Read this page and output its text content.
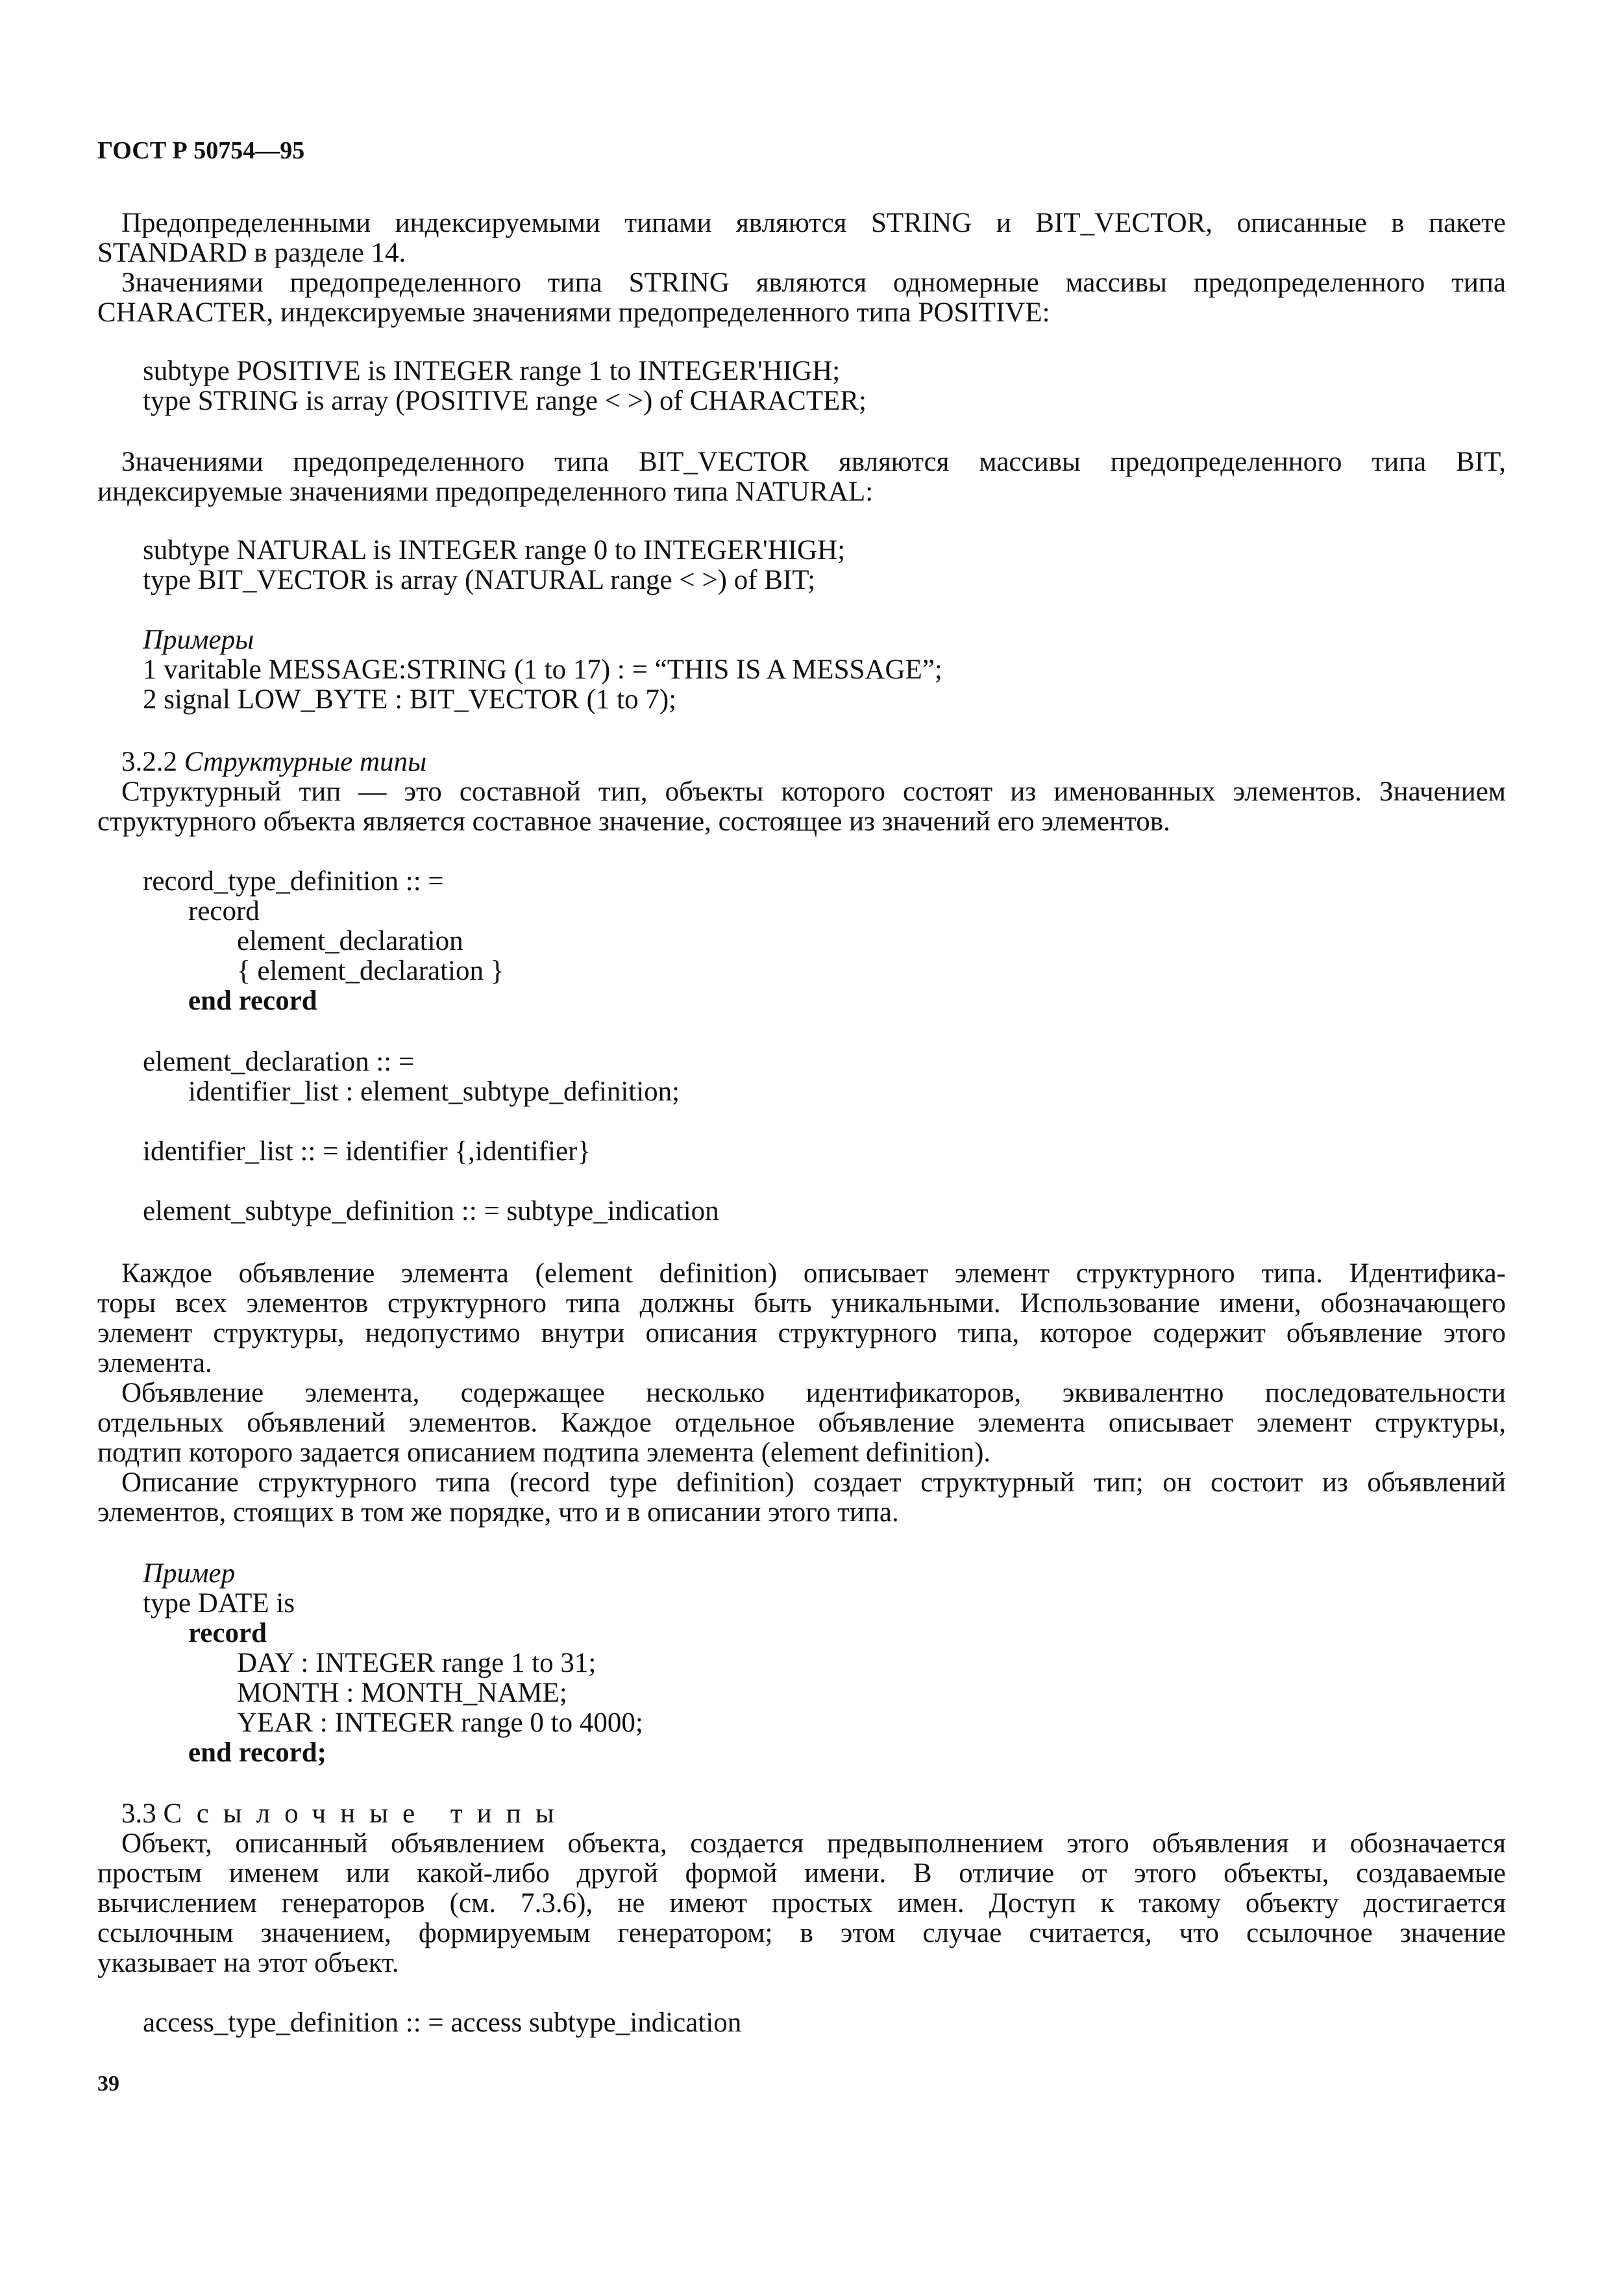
ГОСТ Р 50754—95
Предопределенными индексируемыми типами являются STRING и BIT_VECTOR, описанные в пакете
STANDARD в разделе 14.
Значениями предопределенного типа STRING являются одномерные массивы предопределенного типа
CHARACTER, индексируемые значениями предопределенного типа POSITIVE:
subtype POSITIVE is INTEGER range 1 to INTEGER'HIGH;
type STRING is array (POSITIVE range < >) of CHARACTER;
Значениями предопределенного типа BIT_VECTOR являются массивы предопределенного типа BIT,
индексируемые значениями предопределенного типа NATURAL:
subtype NATURAL is INTEGER range 0 to INTEGER'HIGH;
type BIT_VECTOR is array (NATURAL range < >) of BIT;
Примеры
1 varitable MESSAGE:STRING (1 to 17) : = “THIS IS A MESSAGE”;
2 signal LOW_BYTE : BIT_VECTOR (1 to 7);
3.2.2 Структурные типы
Структурный тип — это составной тип, объекты которого состоят из именованных элементов. Значением
структурного объекта является составное значение, состоящее из значений его элементов.
record_type_definition :: =
record
element_declaration
{ element_declaration }
end record
element_declaration :: =
identifier_list : element_subtype_definition;
identifier_list :: = identifier {,identifier}
element_subtype_definition :: = subtype_indication
Каждое объявление элемента (element definition) описывает элемент структурного типа. Идентифика-
торы всех элементов структурного типа должны быть уникальными. Использование имени, обозначающего
элемент структуры, недопустимо внутри описания структурного типа, которое содержит объявление этого
элемента.
Объявление элемента, содержащее несколько идентификаторов, эквивалентно последовательности
отдельных объявлений элементов. Каждое отдельное объявление элемента описывает элемент структуры,
подтип которого задается описанием подтипа элемента (element definition).
Описание структурного типа (record type definition) создает структурный тип; он состоит из объявлений
элементов, стоящих в том же порядке, что и в описании этого типа.
Пример
type DATE is
record
DAY : INTEGER range 1 to 31;
MONTH : MONTH_NAME;
YEAR : INTEGER range 0 to 4000;
end record;
3.3 Ссылочные типы
Объект, описанный объявлением объекта, создается предвыполнением этого объявления и обозначается
простым именем или какой-либо другой формой имени. В отличие от этого объекты, создаваемые
вычислением генераторов (см. 7.3.6), не имеют простых имен. Доступ к такому объекту достигается
ссылочным значением, формируемым генератором; в этом случае считается, что ссылочное значение
указывает на этот объект.
access_type_definition :: = access subtype_indication
39
